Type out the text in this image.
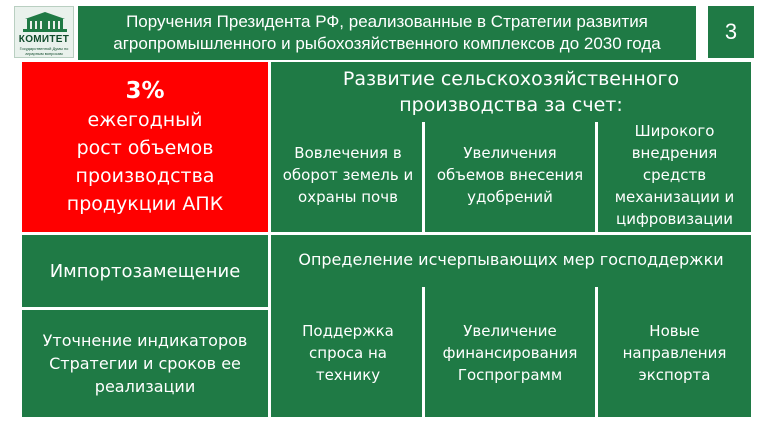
КОМИТЕТ
Государственной Думы по аграрным вопросам
Поручения Президента РФ, реализованные в Стратегии развития
агропромышленного и рыбохозяйственного комплексов до 2030 года	3
3%
ежегодный
рост объемов
производства
продукции АПК
Развитие сельскохозяйственного
производства за счет:
Вовлечения в
оборот земель и
охраны почв
Увеличения
объемов внесения
удобрений
Широкого
внедрения
средств
механизации и
цифровизации
Импортозамещение
Уточнение индикаторов
Стратегии и сроков ее
реализации
Определение исчерпывающих мер господдержки
Поддержка
спроса на
технику
Увеличение
финансирования
Госпрограмм
Новые
направления
экспорта
